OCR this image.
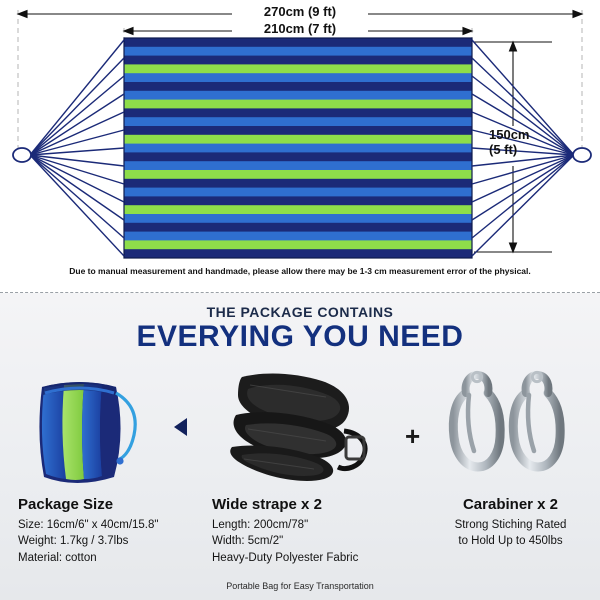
270cm (9 ft)
210cm (7 ft)
150cm
(5 ft)
Due to manual measurement and handmade, please allow there may be 1-3 cm measurement error of the physical.
THE PACKAGE CONTAINS
EVERYING YOU NEED
Package Size
Size: 16cm/6" x 40cm/15.8"
Weight: 1.7kg / 3.7lbs
Material: cotton
Wide strape x 2
Length: 200cm/78"
Width: 5cm/2"
Heavy-Duty Polyester Fabric
+
Carabiner x 2
Strong Stiching Rated
to Hold Up to 450lbs
Portable Bag for Easy Transportation
